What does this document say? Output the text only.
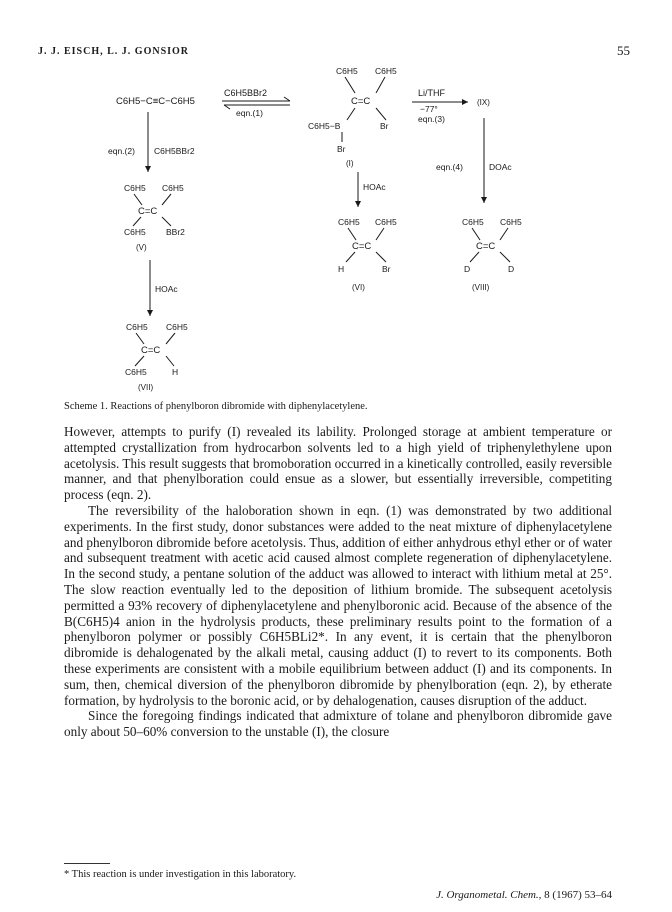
J. J. EISCH, L. J. GONSIOR	55
C6H5−C≡C−C6H5
C6H5BBr2
eqn.(1)
C6H5 C6H5
C=C
C6H5−B	Br
Br
(I)
Li/THF
−77°
eqn.(3)
(IX)
eqn.(4)	DOAc
HOAc
C6H5 C6H5
C=C
H	Br
(VI)
C6H5 C6H5
C=C
D	D
(VIII)
eqn.(2) C6H5BBr2
C6H5 C6H5
C=C
C6H5 BBr2
(V)
HOAc
C6H5 C6H5
C=C
C6H5	H
(VII)
Scheme 1. Reactions of phenylboron dibromide with diphenylacetylene.

However, attempts to purify (I) revealed its lability. Prolonged storage at ambient temperature or attempted crystallization from hydrocarbon solvents led to a high yield of triphenylethylene upon acetolysis. This result suggests that bromoboration occurred in a kinetically controlled, easily reversible manner, and that phenylboration could ensue as a slower, but essentially irreversible, competiting process (eqn. 2).

The reversibility of the haloboration shown in eqn. (1) was demonstrated by two additional experiments. In the first study, donor substances were added to the neat mixture of diphenylacetylene and phenylboron dibromide before acetolysis. Thus, addition of either anhydrous ethyl ether or of water and subsequent treatment with acetic acid caused almost complete regeneration of diphenylacetylene. In the second study, a pentane solution of the adduct was allowed to interact with lithium metal at 25°. The slow reaction eventually led to the deposition of lithium bromide. The subsequent acetolysis permitted a 93% recovery of diphenylacetylene and phenylboronic acid. Because of the absence of the B(C6H5)4 anion in the hydrolysis products, these preliminary results point to the formation of a phenylboron polymer or possibly C6H5BLi2*. In any event, it is certain that the phenylboron dibromide is dehalogenated by the alkali metal, causing adduct (I) to revert to its components. Both these experiments are consistent with a mobile equilibrium between adduct (I) and its components. In sum, then, chemical diversion of the phenylboron dibromide by phenylboration (eqn. 2), by etherate formation, by hydrolysis to the boronic acid, or by dehalogenation, causes disruption of the adduct.

Since the foregoing findings indicated that admixture of tolane and phenylboron dibromide gave only about 50–60% conversion to the unstable (I), the closure

* This reaction is under investigation in this laboratory.
J. Organometal. Chem., 8 (1967) 53–64
